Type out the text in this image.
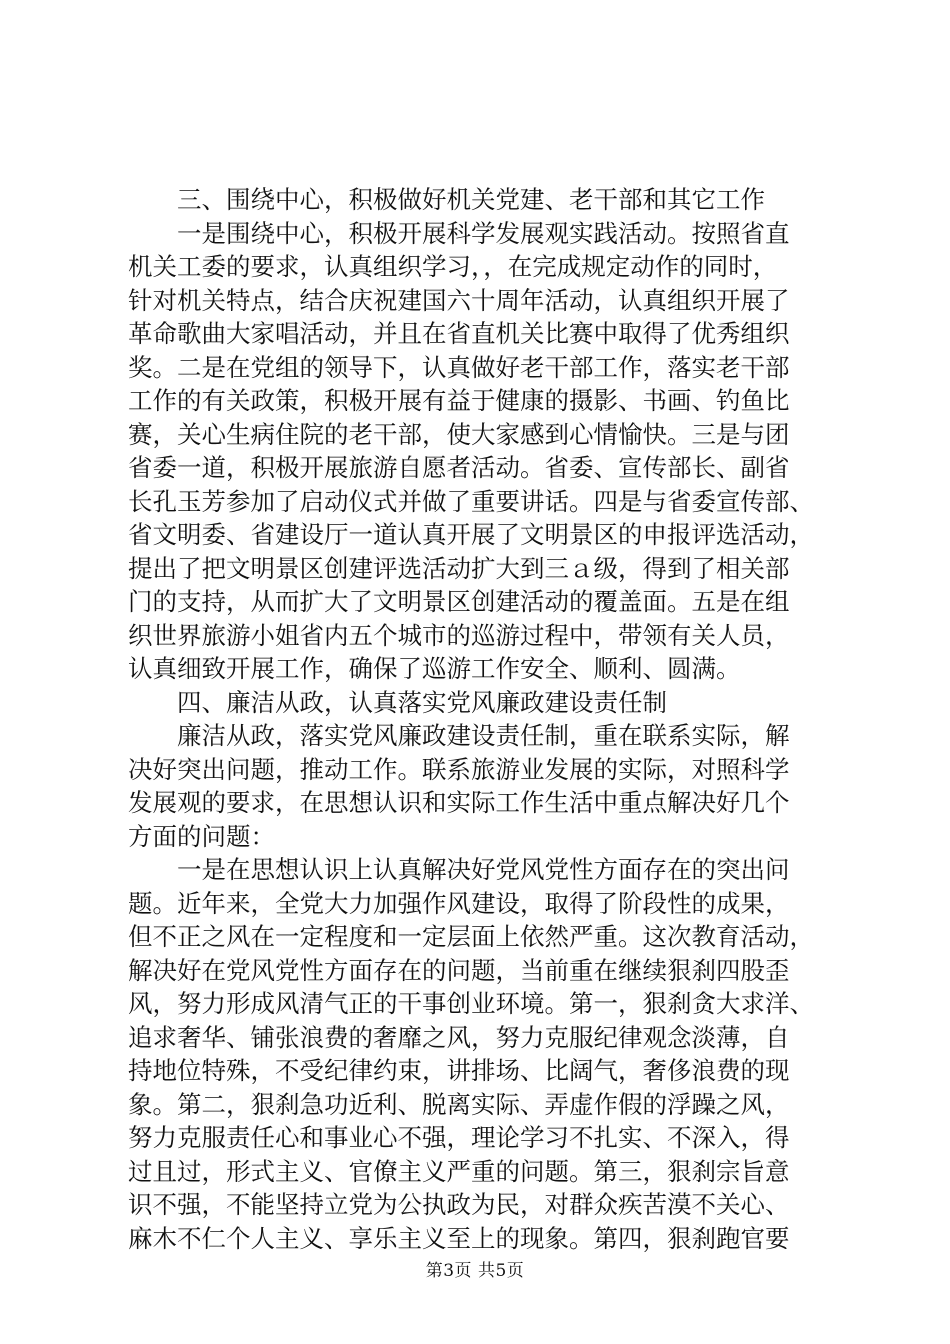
　　三、围绕中心，积极做好机关党建、老干部和其它工作
　　一是围绕中心，积极开展科学发展观实践活动。按照省直
机关工委的要求，认真组织学习，，在完成规定动作的同时，
针对机关特点，结合庆祝建国六十周年活动，认真组织开展了
革命歌曲大家唱活动，并且在省直机关比赛中取得了优秀组织
奖。二是在党组的领导下，认真做好老干部工作，落实老干部
工作的有关政策，积极开展有益于健康的摄影、书画、钓鱼比
赛，关心生病住院的老干部，使大家感到心情愉快。三是与团
省委一道，积极开展旅游自愿者活动。省委、宣传部长、副省
长孔玉芳参加了启动仪式并做了重要讲话。四是与省委宣传部、
省文明委、省建设厅一道认真开展了文明景区的申报评选活动，
提出了把文明景区创建评选活动扩大到三ａ级，得到了相关部
门的支持，从而扩大了文明景区创建活动的覆盖面。五是在组
织世界旅游小姐省内五个城市的巡游过程中，带领有关人员，
认真细致开展工作，确保了巡游工作安全、顺利、圆满。
　　四、廉洁从政，认真落实党风廉政建设责任制
　　廉洁从政，落实党风廉政建设责任制，重在联系实际，解
决好突出问题，推动工作。联系旅游业发展的实际，对照科学
发展观的要求，在思想认识和实际工作生活中重点解决好几个
方面的问题：
　　一是在思想认识上认真解决好党风党性方面存在的突出问
题。近年来，全党大力加强作风建设，取得了阶段性的成果，
但不正之风在一定程度和一定层面上依然严重。这次教育活动，
解决好在党风党性方面存在的问题，当前重在继续狠刹四股歪
风，努力形成风清气正的干事创业环境。第一，狠刹贪大求洋、
追求奢华、铺张浪费的奢靡之风，努力克服纪律观念淡薄，自
持地位特殊，不受纪律约束，讲排场、比阔气，奢侈浪费的现
象。第二，狠刹急功近利、脱离实际、弄虚作假的浮躁之风，
努力克服责任心和事业心不强，理论学习不扎实、不深入，得
过且过，形式主义、官僚主义严重的问题。第三，狠刹宗旨意
识不强，不能坚持立党为公执政为民，对群众疾苦漠不关心、
麻木不仁个人主义、享乐主义至上的现象。第四，狠刹跑官要
第3页 共5页
